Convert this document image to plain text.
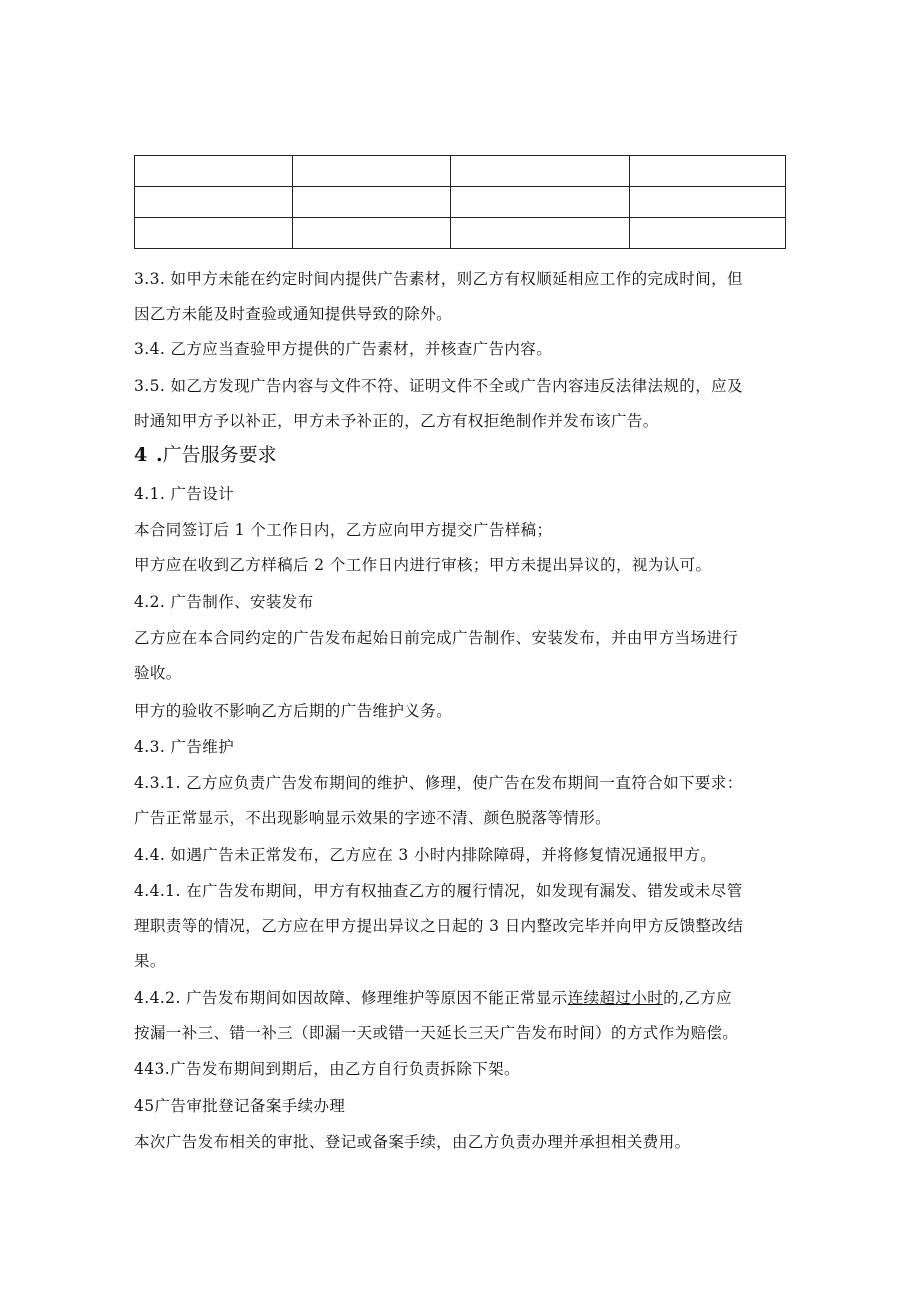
3.3. 如甲方未能在约定时间内提供广告素材，则乙方有权顺延相应工作的完成时间，但
因乙方未能及时查验或通知提供导致的除外。
3.4. 乙方应当查验甲方提供的广告素材，并核查广告内容。
3.5. 如乙方发现广告内容与文件不符、证明文件不全或广告内容违反法律法规的，应及
时通知甲方予以补正，甲方未予补正的，乙方有权拒绝制作并发布该广告。
4 .广告服务要求
4.1. 广告设计
本合同签订后 1 个工作日内，乙方应向甲方提交广告样稿；
甲方应在收到乙方样稿后 2 个工作日内进行审核；甲方未提出异议的，视为认可。
4.2. 广告制作、安装发布
乙方应在本合同约定的广告发布起始日前完成广告制作、安装发布，并由甲方当场进行
验收。
甲方的验收不影响乙方后期的广告维护义务。
4.3. 广告维护
4.3.1. 乙方应负责广告发布期间的维护、修理，使广告在发布期间一直符合如下要求：
广告正常显示，不出现影响显示效果的字迹不清、颜色脱落等情形。
4.4. 如遇广告未正常发布，乙方应在 3 小时内排除障碍，并将修复情况通报甲方。
4.4.1. 在广告发布期间，甲方有权抽查乙方的履行情况，如发现有漏发、错发或未尽管
理职责等的情况，乙方应在甲方提出异议之日起的 3 日内整改完毕并向甲方反馈整改结
果。
4.4.2. 广告发布期间如因故障、修理维护等原因不能正常显示连续超过小时的,乙方应
按漏一补三、错一补三（即漏一天或错一天延长三天广告发布时间）的方式作为赔偿。
443.广告发布期间到期后，由乙方自行负责拆除下架。
45广告审批登记备案手续办理
本次广告发布相关的审批、登记或备案手续，由乙方负责办理并承担相关费用。
